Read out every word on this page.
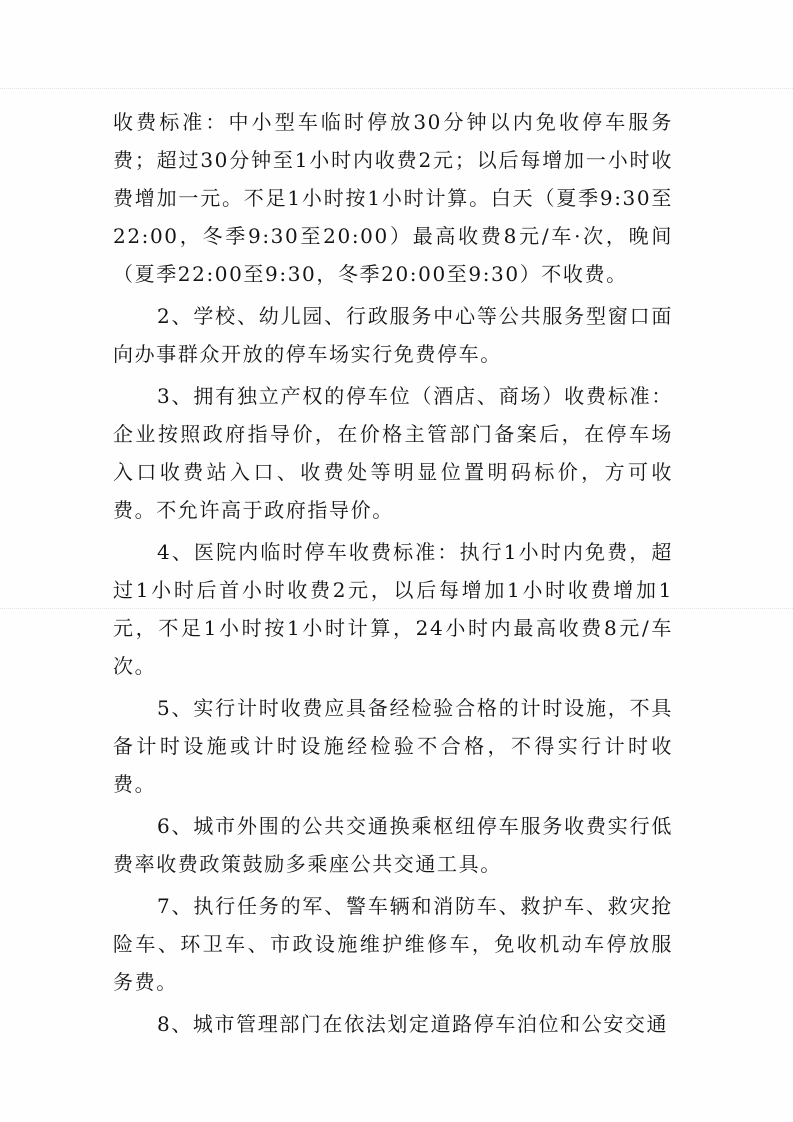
收费标准：中小型车临时停放30分钟以内免收停车服务费；超过30分钟至1小时内收费2元；以后每增加一小时收费增加一元。不足1小时按1小时计算。白天（夏季9:30至22:00，冬季9:30至20:00）最高收费8元/车·次，晚间（夏季22:00至9:30，冬季20:00至9:30）不收费。

2、学校、幼儿园、行政服务中心等公共服务型窗口面向办事群众开放的停车场实行免费停车。

3、拥有独立产权的停车位（酒店、商场）收费标准：企业按照政府指导价，在价格主管部门备案后，在停车场入口收费站入口、收费处等明显位置明码标价，方可收费。不允许高于政府指导价。

4、医院内临时停车收费标准：执行1小时内免费，超过1小时后首小时收费2元，以后每增加1小时收费增加1元，不足1小时按1小时计算，24小时内最高收费8元/车次。

5、实行计时收费应具备经检验合格的计时设施，不具备计时设施或计时设施经检验不合格，不得实行计时收费。

6、城市外围的公共交通换乘枢纽停车服务收费实行低费率收费政策鼓励多乘座公共交通工具。

7、执行任务的军、警车辆和消防车、救护车、救灾抢险车、环卫车、市政设施维护维修车，免收机动车停放服务费。

8、城市管理部门在依法划定道路停车泊位和公安交通
